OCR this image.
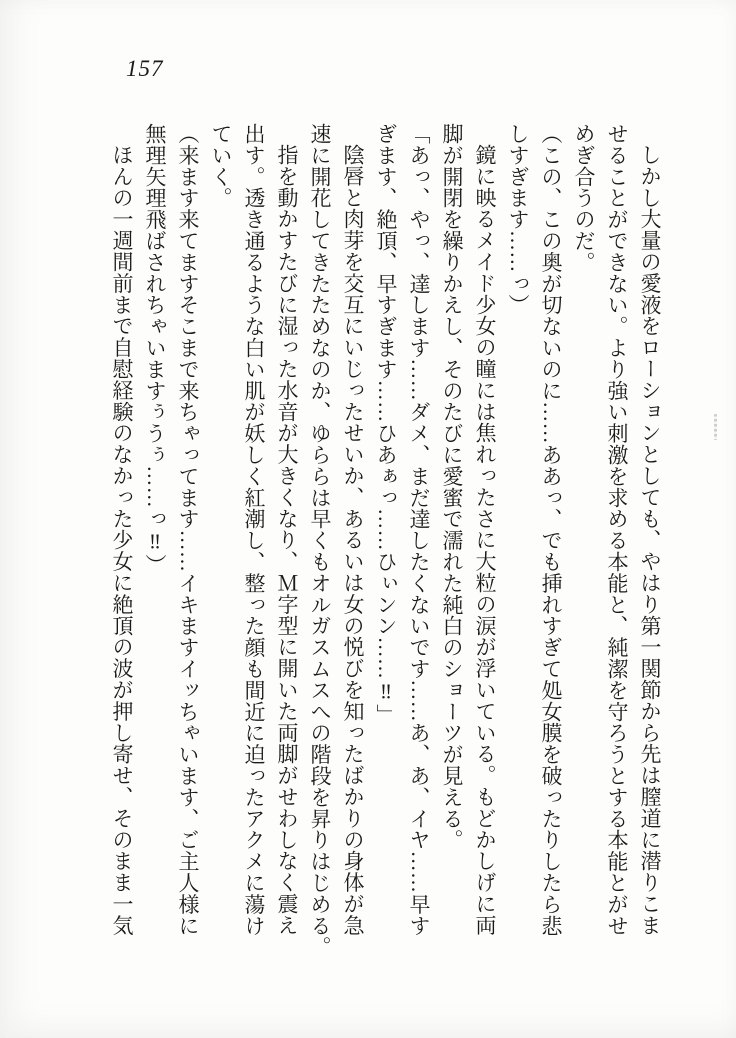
157

しかし大量の愛液をローションとしても、やはり第一関節から先は膣道に潜りこま

せることができない。より強い刺激を求める本能と、純潔を守ろうとする本能とがせ

めぎ合うのだ。

（この、この奥が切ないのに……ああっ、でも挿れすぎて処女膜を破ったりしたら悲

しすぎます……っ）

鏡に映るメイド少女の瞳には焦れったさに大粒の涙が浮いている。もどかしげに両

脚が開閉を繰りかえし、そのたびに愛蜜で濡れた純白のショーツが見える。

「あっ、やっ、達します……ダメ、まだ達したくないです……あ、あ、イヤ……早す

ぎます、絶頂、早すぎます……ひあぁっ……ひぃンン……‼」

陰唇と肉芽を交互にいじったせいか、あるいは女の悦びを知ったばかりの身体が急

速に開花してきたためなのか、ゆららは早くもオルガスムスへの階段を昇りはじめる。

指を動かすたびに湿った水音が大きくなり、Ｍ字型に開いた両脚がせわしなく震え

出す。透き通るような白い肌が妖しく紅潮し、整った顔も間近に迫ったアクメに蕩け

ていく。

（来ます来てますそこまで来ちゃってます……イキますイッちゃいます、ご主人様に

無理矢理飛ばされちゃいますぅうぅ……っ‼）

ほんの一週間前まで自慰経験のなかった少女に絶頂の波が押し寄せ、そのまま一気
